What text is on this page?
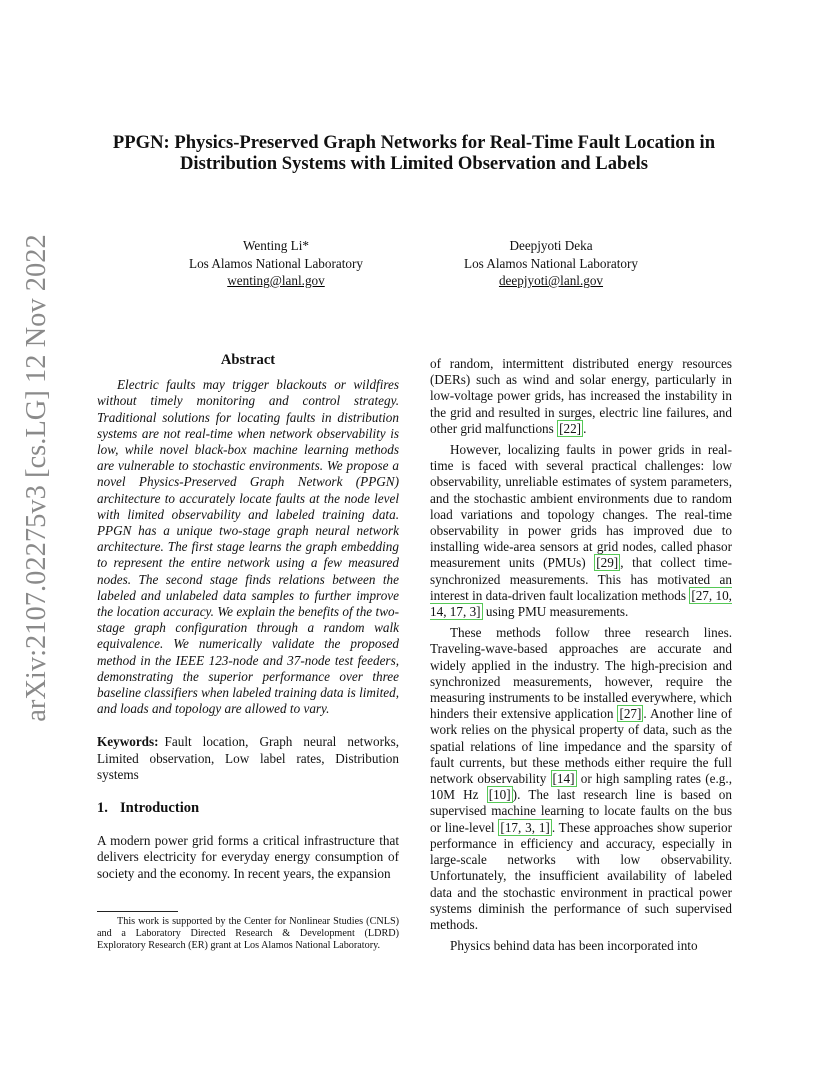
arXiv:2107.02275v3 [cs.LG] 12 Nov 2022
PPGN: Physics-Preserved Graph Networks for Real-Time Fault Location in Distribution Systems with Limited Observation and Labels
Wenting Li*
Los Alamos National Laboratory
wenting@lanl.gov
Deepjyoti Deka
Los Alamos National Laboratory
deepjyoti@lanl.gov
Abstract

Electric faults may trigger blackouts or wildfires without timely monitoring and control strategy. Traditional solutions for locating faults in distribution systems are not real-time when network observability is low, while novel black-box machine learning methods are vulnerable to stochastic environments. We propose a novel Physics-Preserved Graph Network (PPGN) architecture to accurately locate faults at the node level with limited observability and labeled training data. PPGN has a unique two-stage graph neural network architecture. The first stage learns the graph embedding to represent the entire network using a few measured nodes. The second stage finds relations between the labeled and unlabeled data samples to further improve the location accuracy. We explain the benefits of the two-stage graph configuration through a random walk equivalence. We numerically validate the proposed method in the IEEE 123-node and 37-node test feeders, demonstrating the superior performance over three baseline classifiers when labeled training data is limited, and loads and topology are allowed to vary.

Keywords: Fault location, Graph neural networks, Limited observation, Low label rates, Distribution systems

1. Introduction

A modern power grid forms a critical infrastructure that delivers electricity for everyday energy consumption of society and the economy. In recent years, the expansion

This work is supported by the Center for Nonlinear Studies (CNLS) and a Laboratory Directed Research & Development (LDRD) Exploratory Research (ER) grant at Los Alamos National Laboratory.

of random, intermittent distributed energy resources (DERs) such as wind and solar energy, particularly in low-voltage power grids, has increased the instability in the grid and resulted in surges, electric line failures, and other grid malfunctions [22] .

However, localizing faults in power grids in real-time is faced with several practical challenges: low observability, unreliable estimates of system parameters, and the stochastic ambient environments due to random load variations and topology changes. The real-time observability in power grids has improved due to installing wide-area sensors at grid nodes, called phasor measurement units (PMUs) [29] , that collect time-synchronized measurements. This has motivated an interest in data-driven fault localization methods [27, 10, 14, 17, 3] using PMU measurements.

These methods follow three research lines. Traveling-wave-based approaches are accurate and widely applied in the industry. The high-precision and synchronized measurements, however, require the measuring instruments to be installed everywhere, which hinders their extensive application [27] . Another line of work relies on the physical property of data, such as the spatial relations of line impedance and the sparsity of fault currents, but these methods either require the full network observability [14] or high sampling rates (e.g., 10M Hz [10] ). The last research line is based on supervised machine learning to locate faults on the bus or line-level [17, 3, 1] . These approaches show superior performance in efficiency and accuracy, especially in large-scale networks with low observability. Unfortunately, the insufficient availability of labeled data and the stochastic environment in practical power systems diminish the performance of such supervised methods.

Physics behind data has been incorporated into
